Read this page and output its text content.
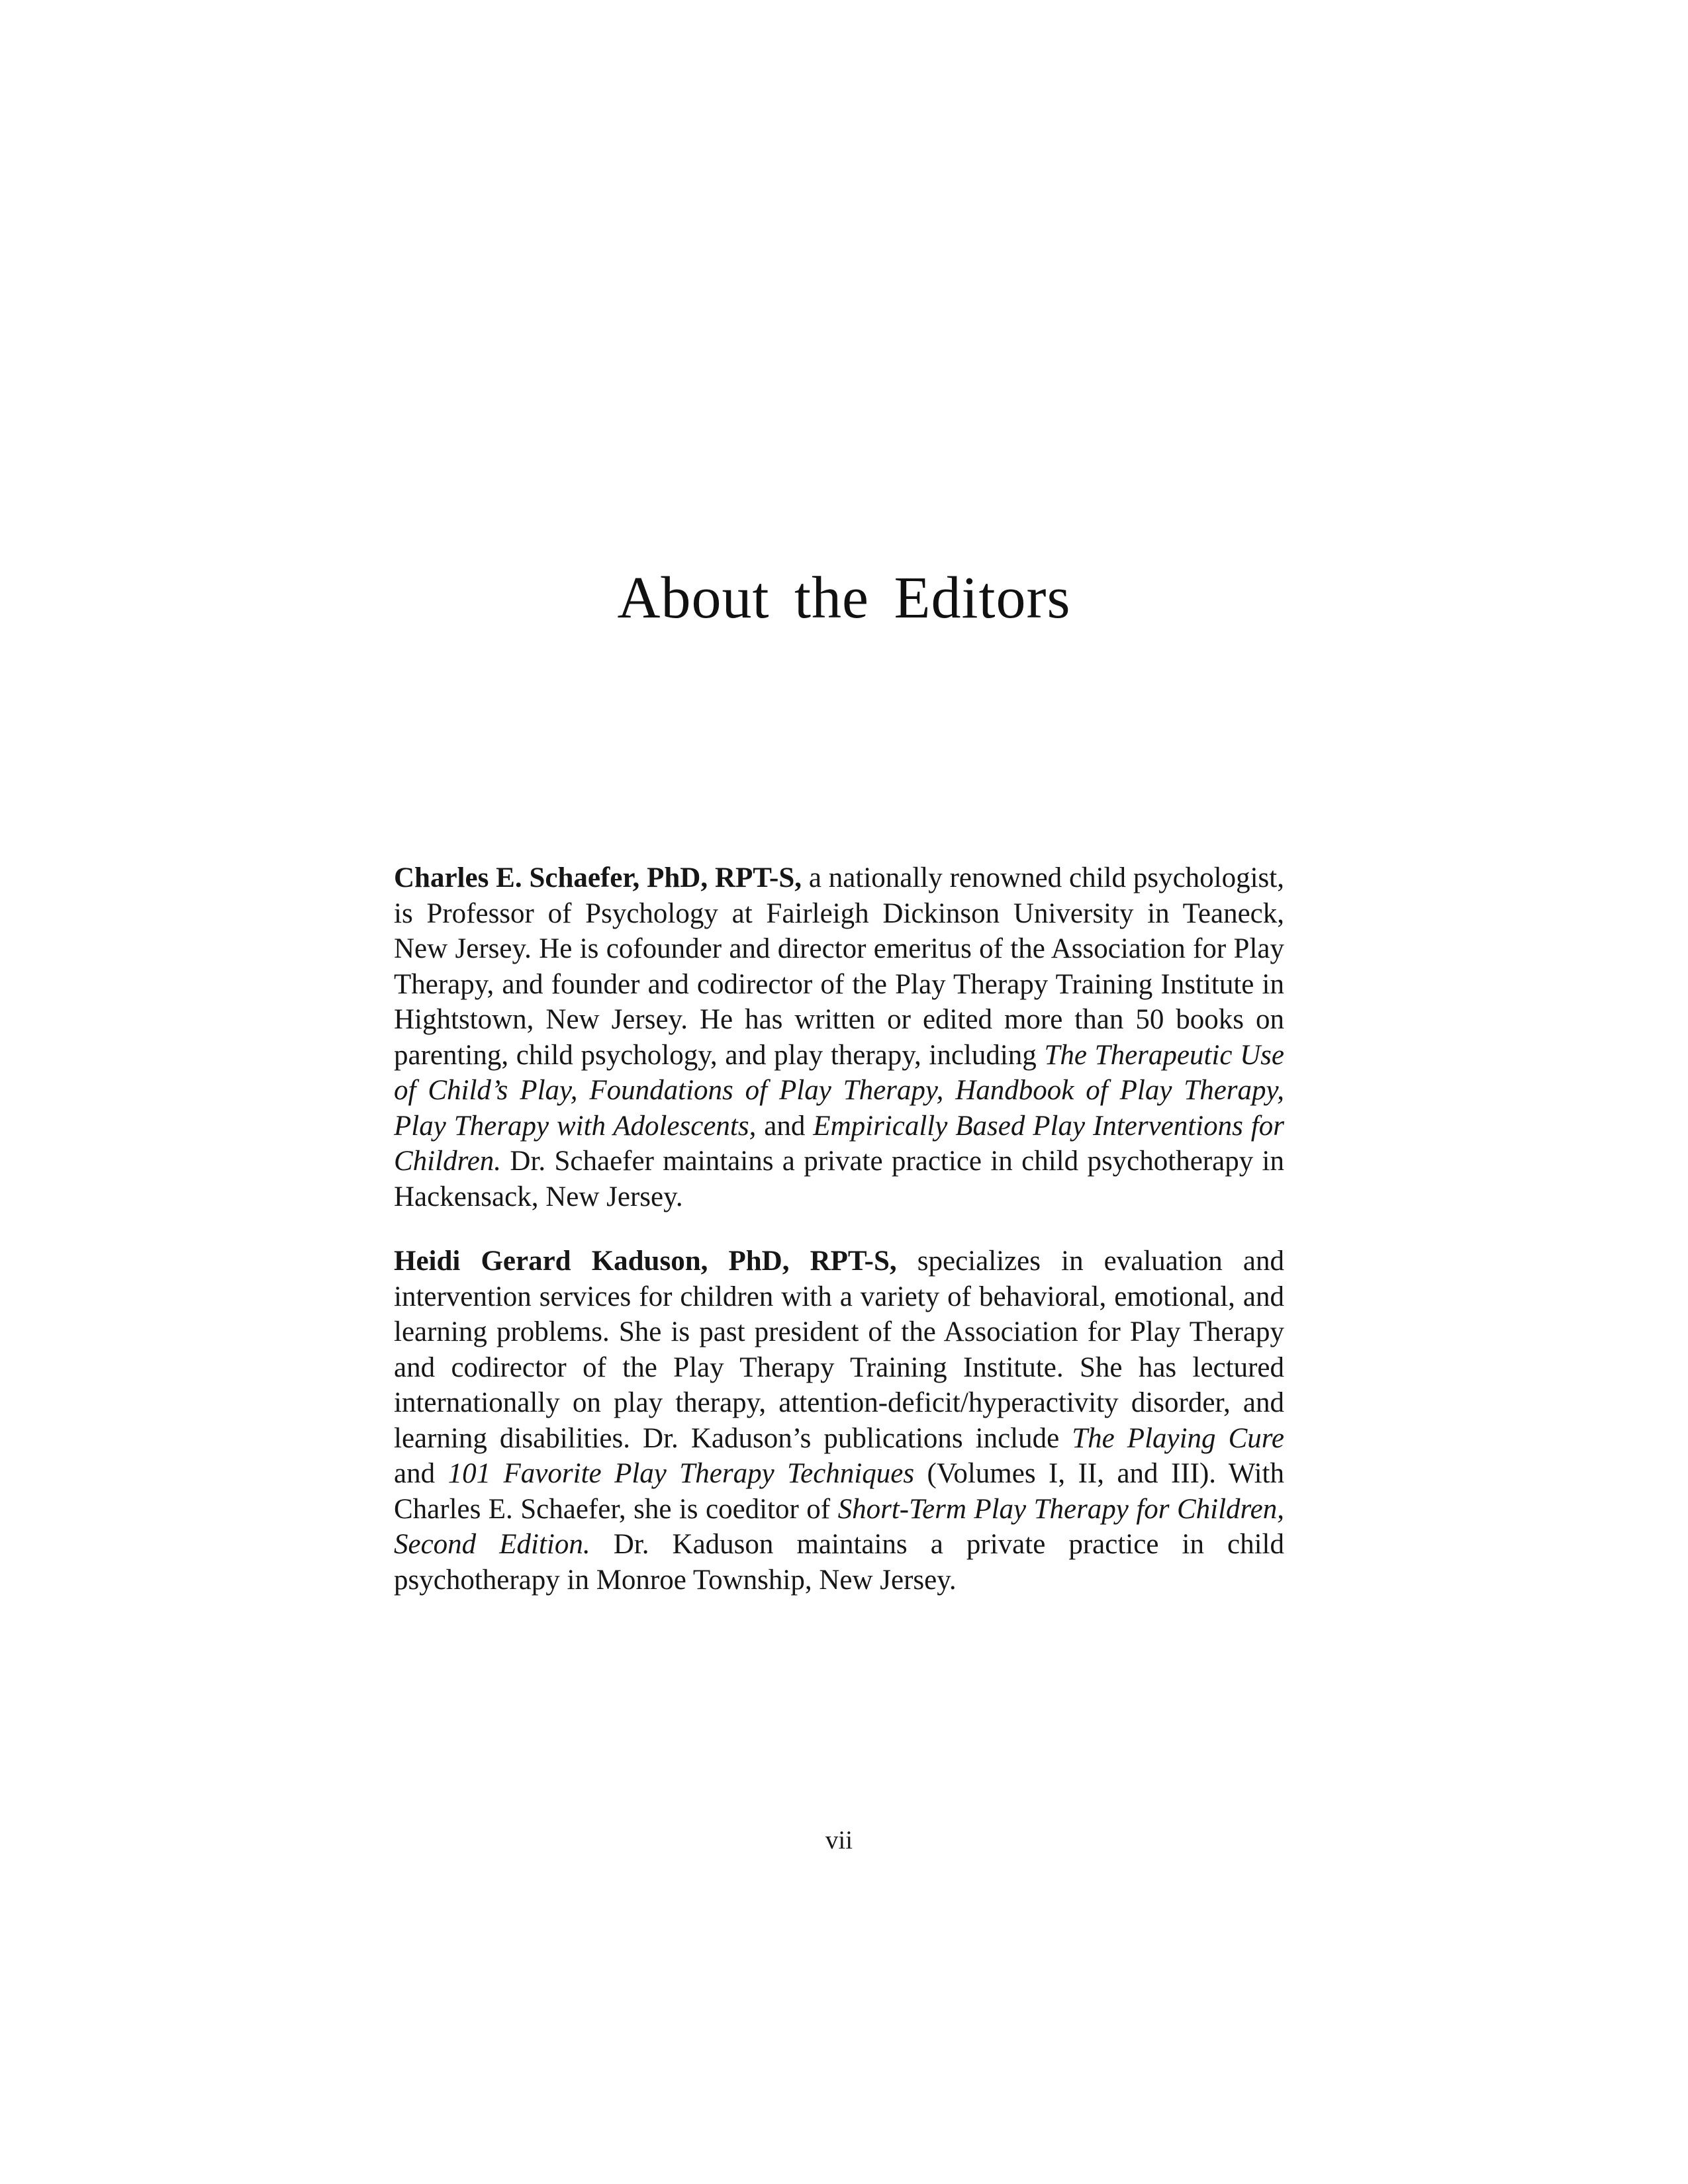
About the Editors

Charles E. Schaefer, PhD, RPT-S, a nationally renowned child psychologist, is Professor of Psychology at Fairleigh Dickinson University in Teaneck, New Jersey. He is cofounder and director emeritus of the Association for Play Therapy, and founder and codirector of the Play Therapy Training Institute in Hightstown, New Jersey. He has written or edited more than 50 books on parenting, child psychology, and play therapy, including The Therapeutic Use of Child’s Play, Foundations of Play Therapy, Handbook of Play Therapy, Play Therapy with Adolescents, and Empirically Based Play Interventions for Children. Dr. Schaefer maintains a private practice in child psychotherapy in Hackensack, New Jersey.

Heidi Gerard Kaduson, PhD, RPT-S, specializes in evaluation and intervention services for children with a variety of behavioral, emotional, and learning problems. She is past president of the Association for Play Therapy and codirector of the Play Therapy Training Institute. She has lectured internationally on play therapy, attention-deficit/hyperactivity disorder, and learning disabilities. Dr. Kaduson’s publications include The Playing Cure and 101 Favorite Play Therapy Techniques (Volumes I, II, and III). With Charles E. Schaefer, she is coeditor of Short-Term Play Therapy for Children, Second Edition. Dr. Kaduson maintains a private practice in child psychotherapy in Monroe Township, New Jersey.

vii
